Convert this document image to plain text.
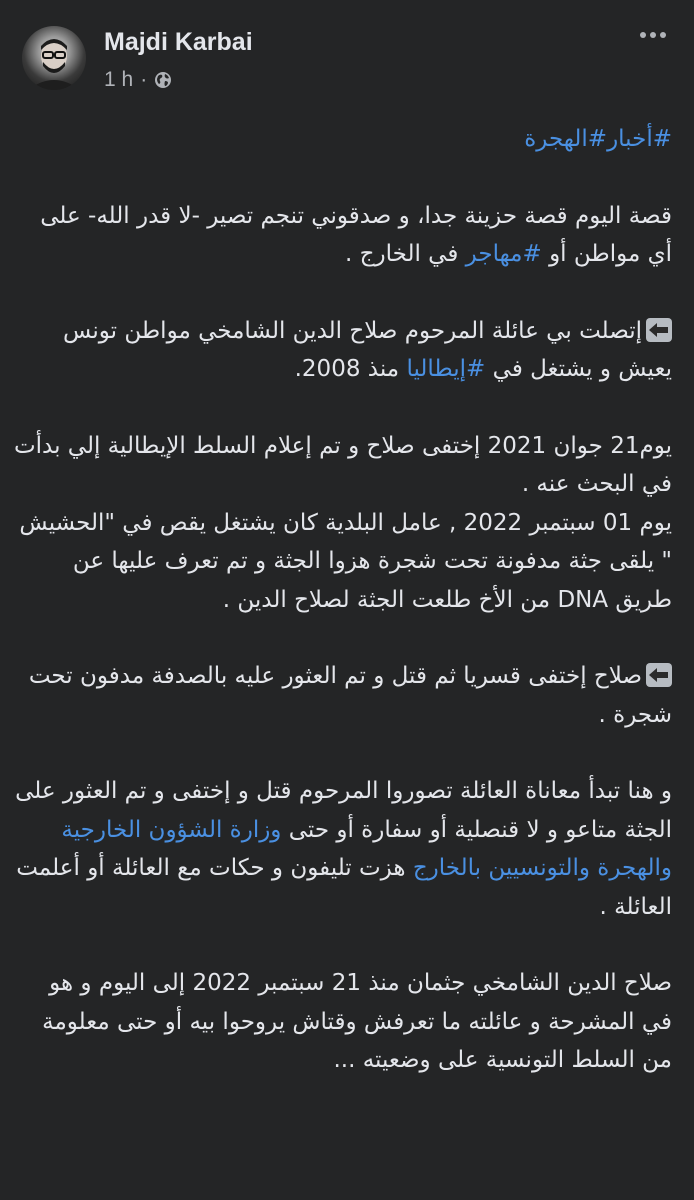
Majdi Karbai
1 h ·

#أخبار#الهجرة

قصة اليوم قصة حزينة جدا، و صدقوني تنجم تصير -لا قدر الله- على أي مواطن أو #مهاجر في الخارج .

إتصلت بي عائلة المرحوم صلاح الدين الشامخي مواطن تونس يعيش و يشتغل في #إيطاليا منذ 2008.

يوم21 جوان 2021 إختفى صلاح و تم إعلام السلط الإيطالية إلي بدأت في البحث عنه .

يوم 01 سبتمبر 2022 , عامل البلدية كان يشتغل يقص في "الحشيش " يلقى جثة مدفونة تحت شجرة هزوا الجثة و تم تعرف عليها عن طريق DNA من الأخ طلعت الجثة لصلاح الدين .

صلاح إختفى قسريا ثم قتل و تم العثور عليه بالصدفة مدفون تحت شجرة .

و هنا تبدأ معاناة العائلة تصوروا المرحوم قتل و إختفى و تم العثور على الجثة متاعو و لا قنصلية أو سفارة أو حتى وزارة الشؤون الخارجية والهجرة والتونسيين بالخارج هزت تليفون و حكات مع العائلة أو أعلمت العائلة .

صلاح الدين الشامخي جثمان منذ 21 سبتمبر 2022 إلى اليوم و هو في المشرحة و عائلته ما تعرفش وقتاش يروحوا بيه أو حتى معلومة من السلط التونسية على وضعيته ...
